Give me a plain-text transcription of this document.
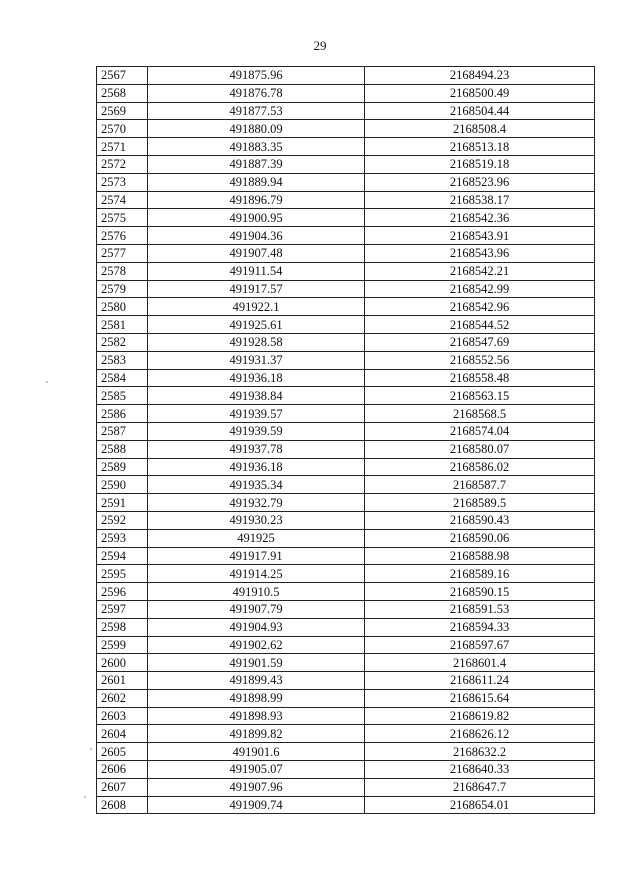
29
2567	491875.96	2168494.23
2568	491876.78	2168500.49
2569	491877.53	2168504.44
2570	491880.09	2168508.4
2571	491883.35	2168513.18
2572	491887.39	2168519.18
2573	491889.94	2168523.96
2574	491896.79	2168538.17
2575	491900.95	2168542.36
2576	491904.36	2168543.91
2577	491907.48	2168543.96
2578	491911.54	2168542.21
2579	491917.57	2168542.99
2580	491922.1	2168542.96
2581	491925.61	2168544.52
2582	491928.58	2168547.69
2583	491931.37	2168552.56
2584	491936.18	2168558.48
2585	491938.84	2168563.15
2586	491939.57	2168568.5
2587	491939.59	2168574.04
2588	491937.78	2168580.07
2589	491936.18	2168586.02
2590	491935.34	2168587.7
2591	491932.79	2168589.5
2592	491930.23	2168590.43
2593	491925	2168590.06
2594	491917.91	2168588.98
2595	491914.25	2168589.16
2596	491910.5	2168590.15
2597	491907.79	2168591.53
2598	491904.93	2168594.33
2599	491902.62	2168597.67
2600	491901.59	2168601.4
2601	491899.43	2168611.24
2602	491898.99	2168615.64
2603	491898.93	2168619.82
2604	491899.82	2168626.12
2605	491901.6	2168632.2
2606	491905.07	2168640.33
2607	491907.96	2168647.7
2608	491909.74	2168654.01
